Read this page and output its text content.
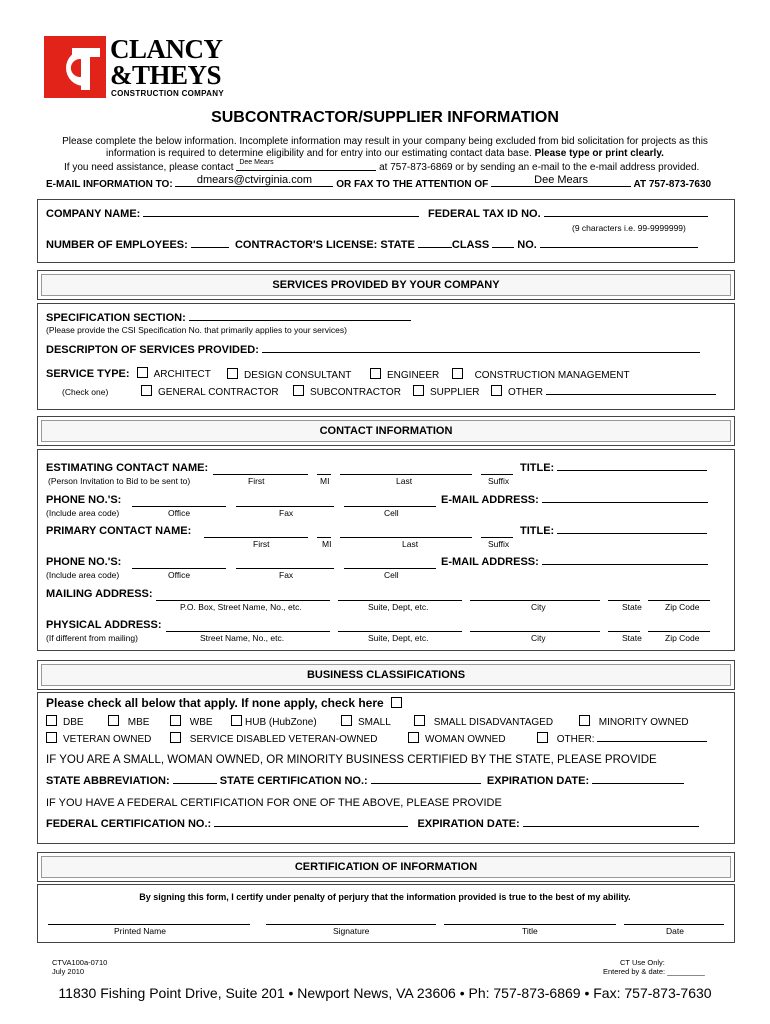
CLANCY
&THEYS
CONSTRUCTION COMPANY
SUBCONTRACTOR/SUPPLIER INFORMATION
Please complete the below information. Incomplete information may result in your company being excluded from bid solicitation for projects as this
information is required to determine eligibility and for entry into our estimating contact data base. Please type or print clearly.
If you need assistance, please contact Dee Mears	at 757-873-6869 or by sending an e-mail to the e-mail address provided.
E-MAIL INFORMATION TO: dmears@ctvirginia.com OR FAX TO THE ATTENTION OF	Dee Mears	AT 757-873-7630
COMPANY NAME:	FEDERAL TAX ID NO.
(9 characters i.e. 99-9999999)
NUMBER OF EMPLOYEES:	CONTRACTOR'S LICENSE: STATE	CLASS	NO.
SERVICES PROVIDED BY YOUR COMPANY
SPECIFICATION SECTION:
(Please provide the CSI Specification No. that primarily applies to your services)
DESCRIPTON OF SERVICES PROVIDED:
SERVICE TYPE: ARCHITECT	DESIGN CONSULTANT	ENGINEER	CONSTRUCTION MANAGEMENT
(Check one)	GENERAL CONTRACTOR	SUBCONTRACTOR	SUPPLIER	OTHER
CONTACT INFORMATION
ESTIMATING CONTACT NAME:	TITLE:
(Person Invitation to Bid to be sent to)	First	MI	Last	Suffix
PHONE NO.'S:	E-MAIL ADDRESS:
(Include area code)	Office	Fax	Cell
PRIMARY CONTACT NAME:	TITLE:
First	MI	Last	Suffix
PHONE NO.'S:	E-MAIL ADDRESS:
(Include area code)	Office	Fax	Cell
MAILING ADDRESS:
P.O. Box, Street Name, No., etc.	Suite, Dept, etc.	City	State	Zip Code
PHYSICAL ADDRESS:
(If different from mailing)	Street Name, No., etc.	Suite, Dept, etc.	City	State	Zip Code
BUSINESS CLASSIFICATIONS
Please check all below that apply. If none apply, check here
DBE	MBE	WBE	HUB (HubZone)	SMALL	SMALL DISADVANTAGED	MINORITY OWNED
VETERAN OWNED	SERVICE DISABLED VETERAN-OWNED	WOMAN OWNED	OTHER:
IF YOU ARE A SMALL, WOMAN OWNED, OR MINORITY BUSINESS CERTIFIED BY THE STATE, PLEASE PROVIDE
STATE ABBREVIATION:	STATE CERTIFICATION NO.:	EXPIRATION DATE:
IF YOU HAVE A FEDERAL CERTIFICATION FOR ONE OF THE ABOVE, PLEASE PROVIDE
FEDERAL CERTIFICATION NO.:	EXPIRATION DATE:
CERTIFICATION OF INFORMATION
By signing this form, I certify under penalty of perjury that the information provided is true to the best of my ability.
Printed Name	Signature	Title	Date
CTVA100a-0710
July 2010
CT Use Only:
Entered by & date: _________
11830 Fishing Point Drive, Suite 201 • Newport News, VA 23606 • Ph: 757-873-6869 • Fax: 757-873-7630
